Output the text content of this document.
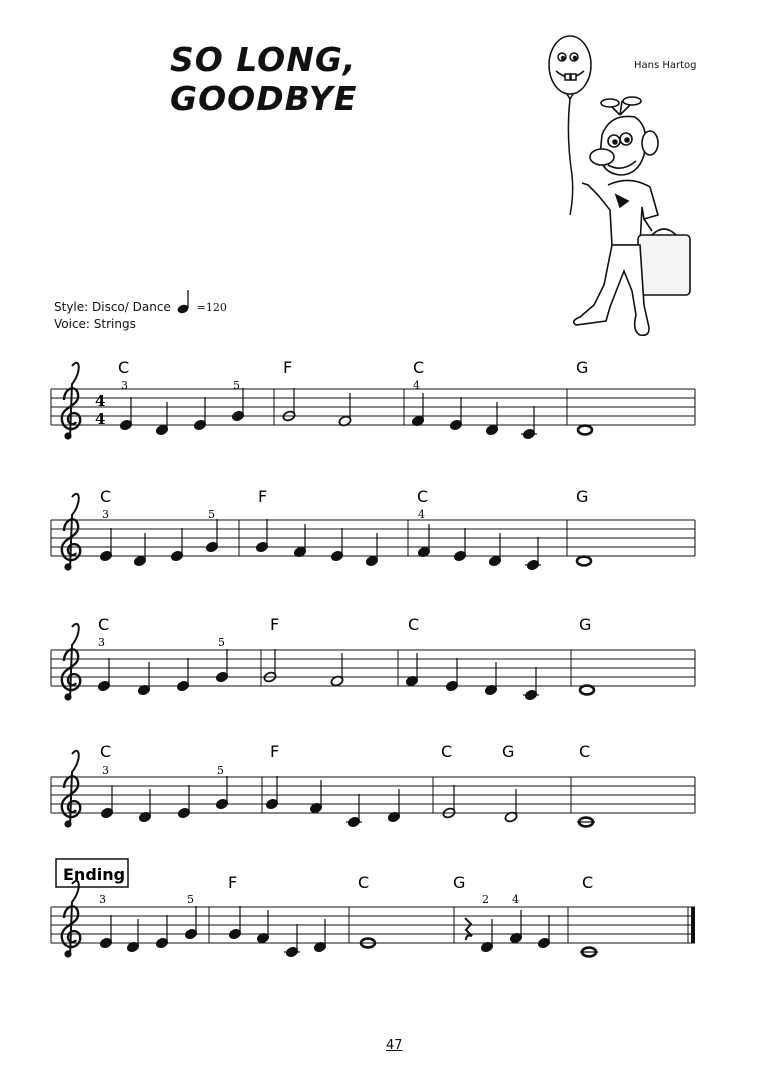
SO LONG, GOODBYE
Hans Hartog
Style: Disco/ Dance =120
Voice: Strings
4
4
C	F	C	G
3	5	4
C	F	C	G
3	5	4
C	F	C	G
3	5
C	F	C	G	C
3	5
Ending	F	C	G	C
3	5	2 4
47
